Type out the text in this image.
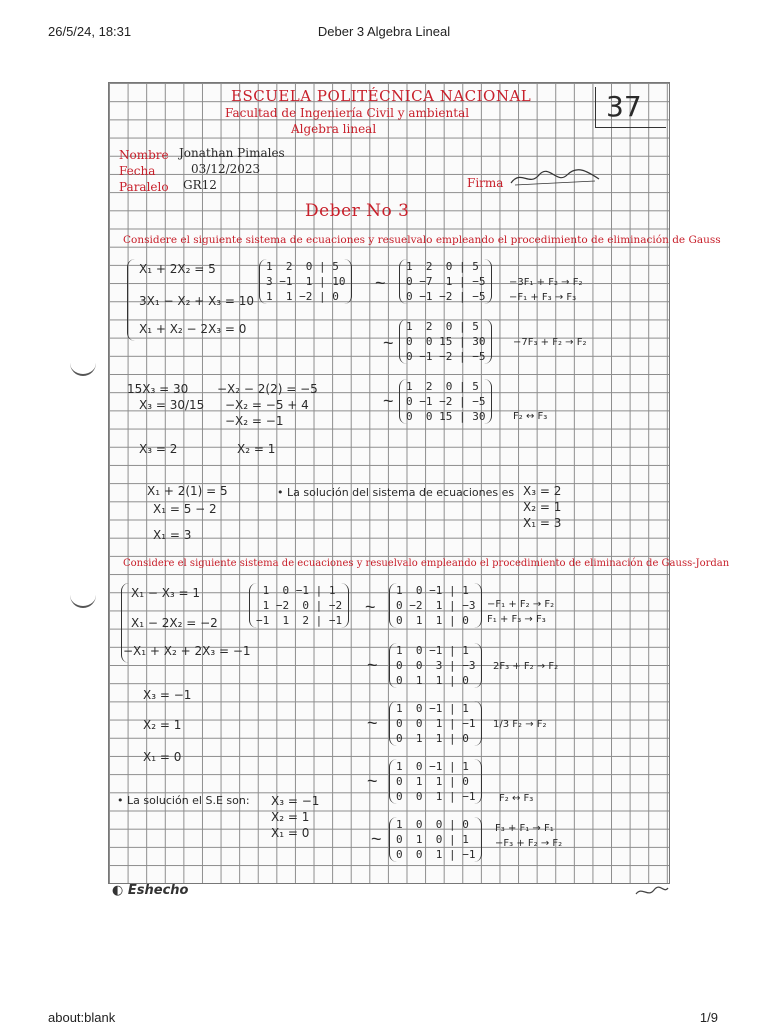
26/5/24, 18:31	Deber 3 Algebra Lineal
ESCUELA POLITÉCNICA NACIONAL
Facultad de Ingeniería Civil y ambiental
Algebra lineal
37
Nombre Jonathan Pimales
Fecha	03/12/2023
Paralelo GR12	Firma
Deber No 3
Considere el siguiente sistema de ecuaciones y resuelvalo empleando el procedimiento de eliminación de Gauss
X₁ + 2X₂ = 5
3X₁ − X₂ + X₃ = 10
X₁ + X₂ − 2X₃ = 0
1  2  0 | 5
3 −1  1 | 10
1  1 −2 | 0
~
1  2  0 | 5
0 −7  1 | −5
0 −1 −2 | −5
−3F₁ + F₂ → F₂
−F₁ + F₃ → F₃
~
1  2  0 | 5
0  0 15 | 30
0 −1 −2 | −5
−7F₃ + F₂ → F₂
~
1  2  0 | 5
0 −1 −2 | −5
0  0 15 | 30	F₂ ↔ F₃
15X₃ = 30
X₃ = 30/15
X₃ = 2
−X₂ − 2(2) = −5
−X₂ = −5 + 4
−X₂ = −1
X₂ = 1
X₁ + 2(1) = 5
X₁ = 5 − 2
X₁ = 3
• La solución del sistema de ecuaciones es X₃ = 2
X₂ = 1
X₁ = 3
Considere el siguiente sistema de ecuaciones y resuelvalo empleando el procedimiento de eliminación de Gauss-Jordan
X₁ − X₃ = 1
X₁ − 2X₂ = −2
−X₁ + X₂ + 2X₃ = −1
1  0 −1 | 1
1 −2  0 | −2
−1  1  2 | −1
~
1  0 −1 | 1
0 −2  1 | −3
0  1  1 | 0
−F₁ + F₂ → F₂
F₁ + F₃ → F₃
~
1  0 −1 | 1
0  0  3 | −3
0  1  1 | 0
2F₃ + F₂ → F₂
~
1  0 −1 | 1
0  0  1 | −1
0  1  1 | 0
1/3 F₂ → F₂
~
1  0 −1 | 1
0  1  1 | 0
0  0  1 | −1	F₂ ↔ F₃
~
1  0  0 | 0
0  1  0 | 1
0  0  1 | −1
F₃ + F₁ → F₁
−F₃ + F₂ → F₂
X₃ = −1
X₂ = 1
X₁ = 0
• La solución el S.E son: X₃ = −1
X₂ = 1
X₁ = 0
◐ Eshecho
about:blank	1/9
